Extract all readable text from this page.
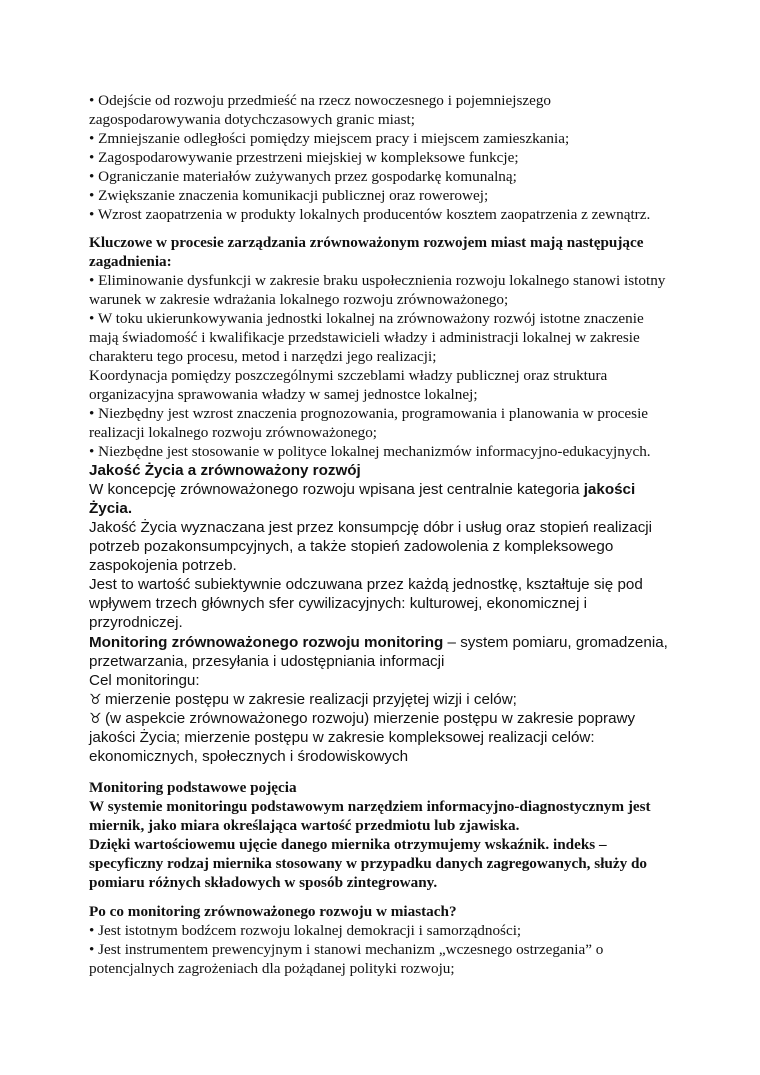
• Odejście od rozwoju przedmieść na rzecz nowoczesnego i pojemniejszego zagospodarowywania dotychczasowych granic miast;

• Zmniejszanie odległości pomiędzy miejscem pracy i miejscem zamieszkania;

• Zagospodarowywanie przestrzeni miejskiej w kompleksowe funkcje;

• Ograniczanie materiałów zużywanych przez gospodarkę komunalną;

• Zwiększanie znaczenia komunikacji publicznej oraz rowerowej;

• Wzrost zaopatrzenia w produkty lokalnych producentów kosztem zaopatrzenia z zewnątrz.

Kluczowe w procesie zarządzania zrównoważonym rozwojem miast mają następujące zagadnienia:

• Eliminowanie dysfunkcji w zakresie braku uspołecznienia rozwoju lokalnego stanowi istotny warunek w zakresie wdrażania lokalnego rozwoju zrównoważonego;

• W toku ukierunkowywania jednostki lokalnej na zrównoważony rozwój istotne znaczenie mają świadomość i kwalifikacje przedstawicieli władzy i administracji lokalnej w zakresie charakteru tego procesu, metod i narzędzi jego realizacji;

Koordynacja pomiędzy poszczególnymi szczeblami władzy publicznej oraz struktura organizacyjna sprawowania władzy w samej jednostce lokalnej;

• Niezbędny jest wzrost znaczenia prognozowania, programowania i planowania w procesie realizacji lokalnego rozwoju zrównoważonego;

• Niezbędne jest stosowanie w polityce lokalnej mechanizmów informacyjno-edukacyjnych.

Jakość Życia a zrównoważony rozwój

W koncepcję zrównoważonego rozwoju wpisana jest centralnie kategoria jakości Życia.

Jakość Życia wyznaczana jest przez konsumpcję dóbr i usług oraz stopień realizacji potrzeb pozakonsumpcyjnych, a także stopień zadowolenia z kompleksowego zaspokojenia potrzeb.

Jest to wartość subiektywnie odczuwana przez każdą jednostkę, kształtuje się pod wpływem trzech głównych sfer cywilizacyjnych: kulturowej, ekonomicznej i przyrodniczej.

Monitoring zrównoważonego rozwoju monitoring – system pomiaru, gromadzenia, przetwarzania, przesyłania i udostępniania informacji

Cel monitoringu:

♉ mierzenie postępu w zakresie realizacji przyjętej wizji i celów;

♉ (w aspekcie zrównoważonego rozwoju) mierzenie postępu w zakresie poprawy jakości Życia; mierzenie postępu w zakresie kompleksowej realizacji celów: ekonomicznych, społecznych i środowiskowych

Monitoring podstawowe pojęcia

W systemie monitoringu podstawowym narzędziem informacyjno-diagnostycznym jest miernik, jako miara określająca wartość przedmiotu lub zjawiska.

Dzięki wartościowemu ujęcie danego miernika otrzymujemy wskaźnik. indeks – specyficzny rodzaj miernika stosowany w przypadku danych zagregowanych, służy do pomiaru różnych składowych w sposób zintegrowany.

Po co monitoring zrównoważonego rozwoju w miastach?

• Jest istotnym bodźcem rozwoju lokalnej demokracji i samorządności;

• Jest instrumentem prewencyjnym i stanowi mechanizm „wczesnego ostrzegania” o potencjalnych zagrożeniach dla pożądanej polityki rozwoju;
